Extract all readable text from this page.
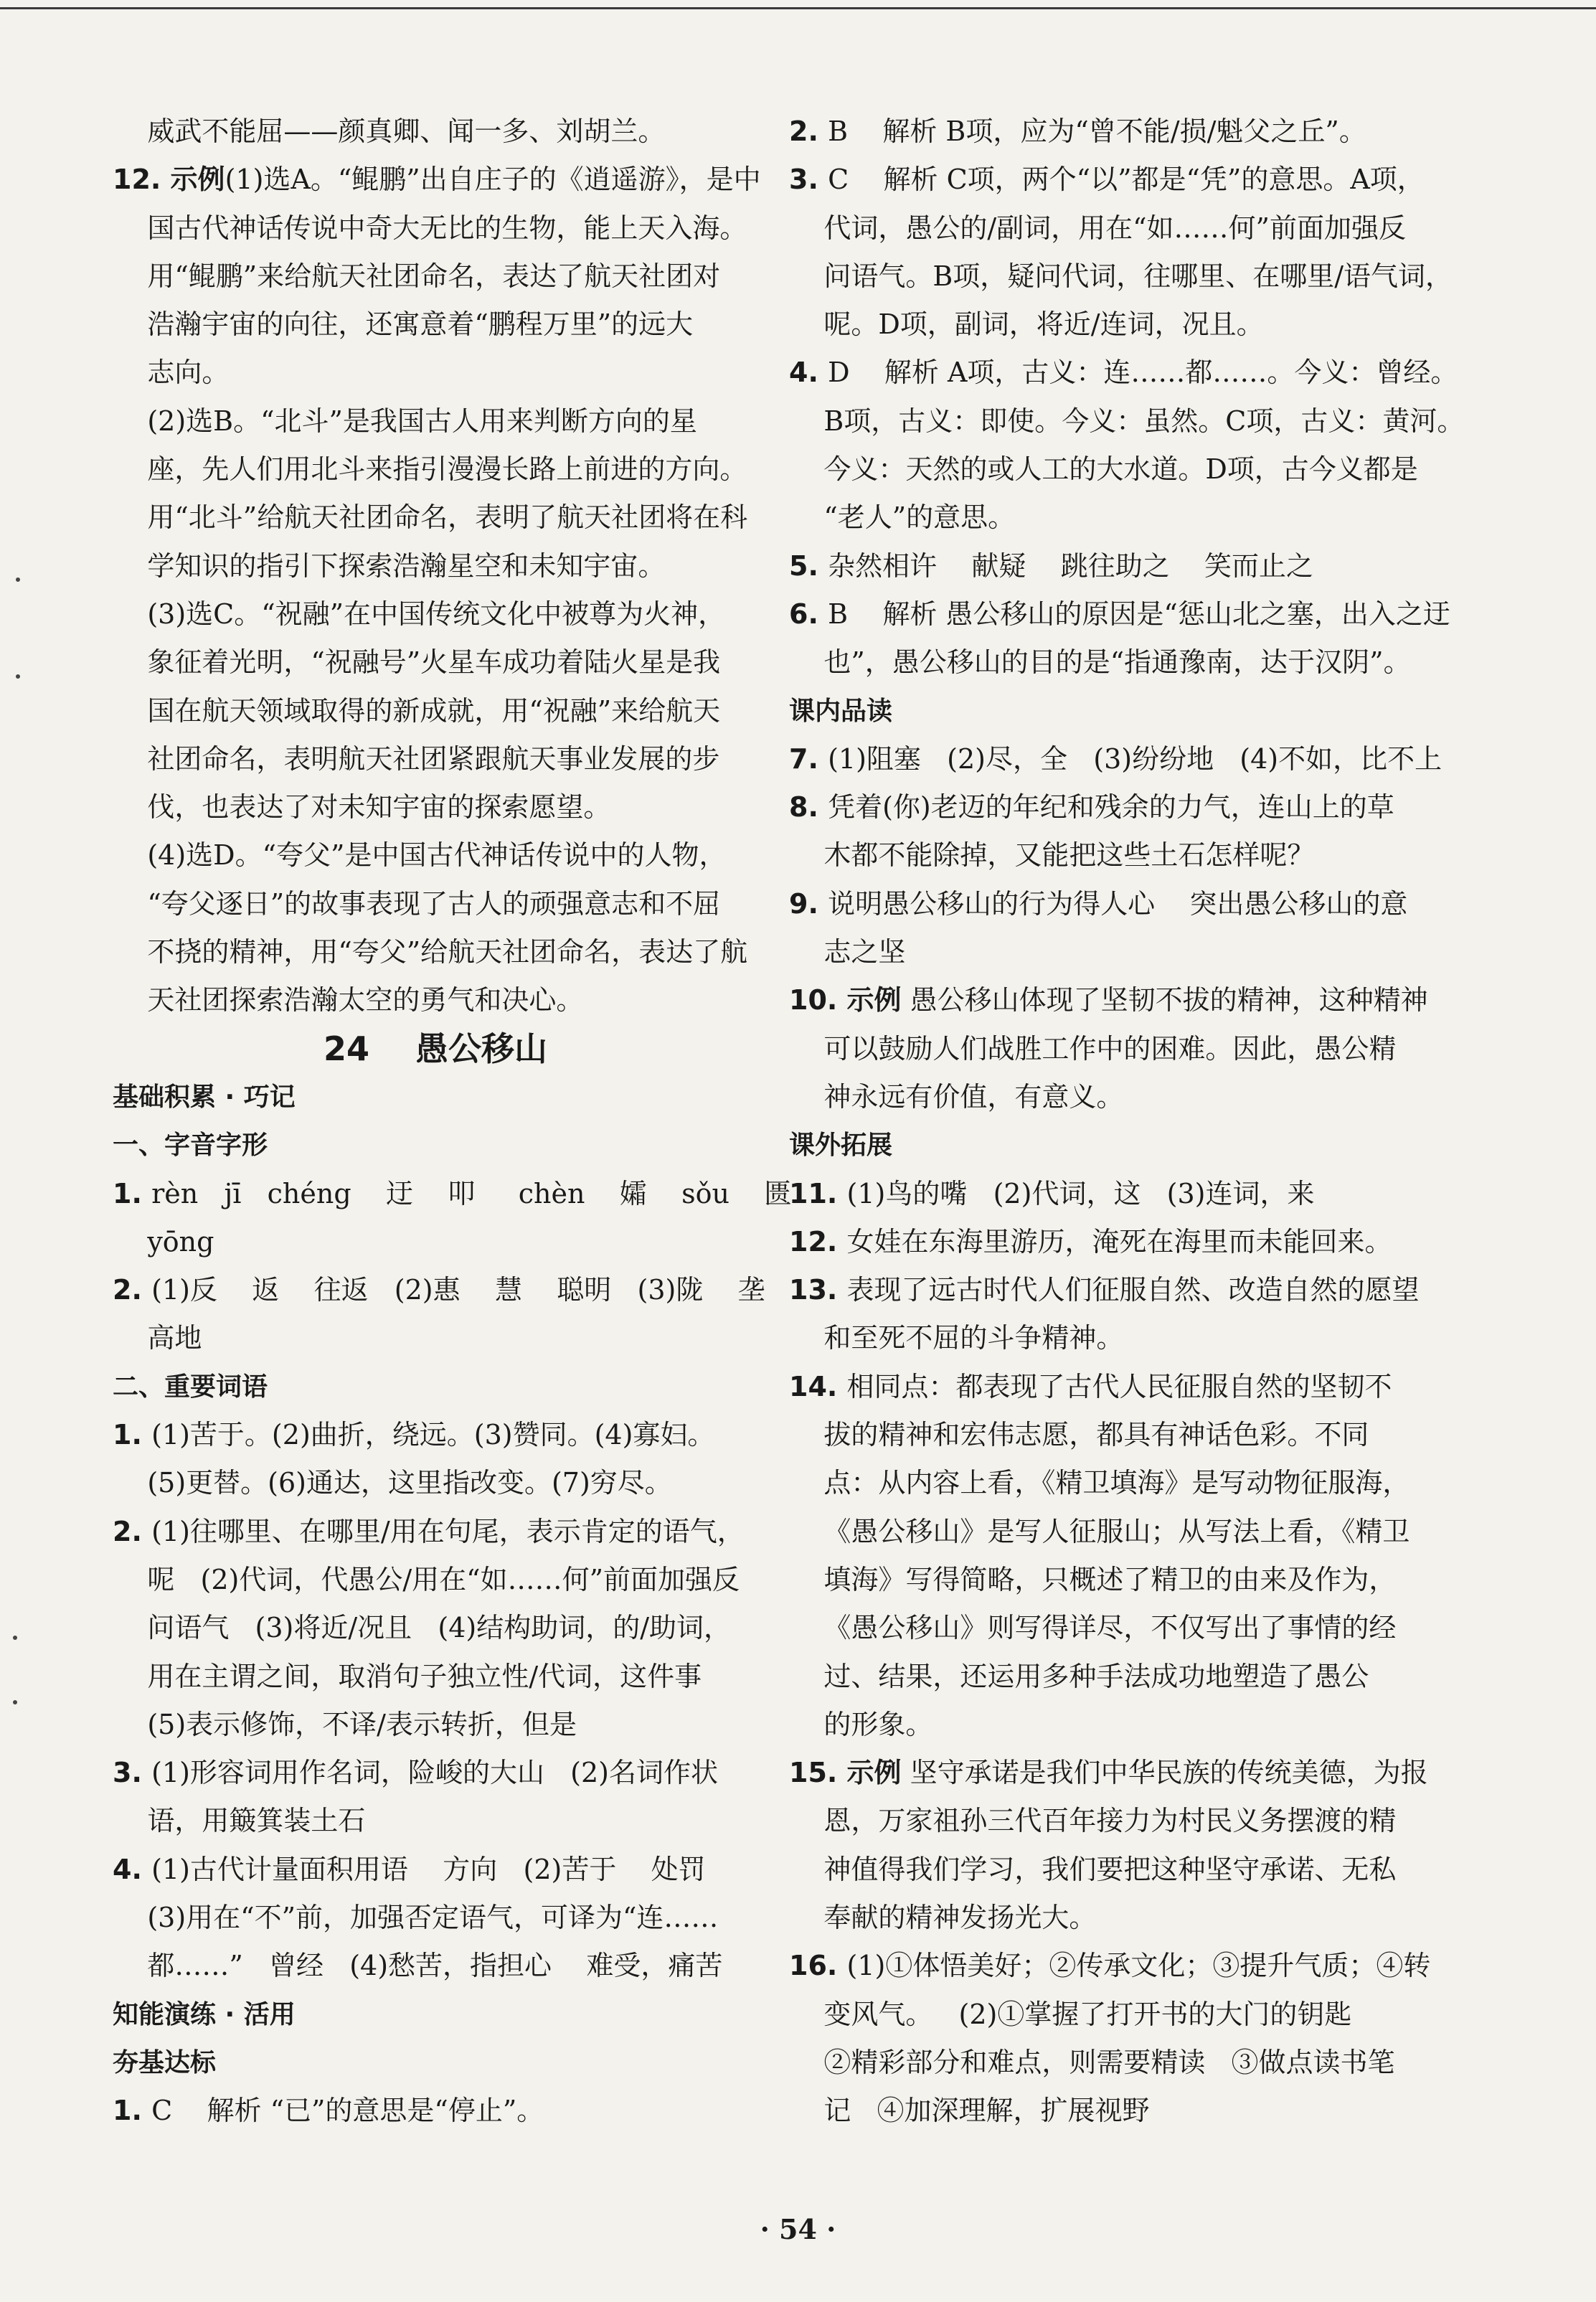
威武不能屈——颜真卿、闻一多、刘胡兰。
12. 示例(1)选A。“鲲鹏”出自庄子的《逍遥游》，是中
国古代神话传说中奇大无比的生物，能上天入海。
用“鲲鹏”来给航天社团命名，表达了航天社团对
浩瀚宇宙的向往，还寓意着“鹏程万里”的远大
志向。
(2)选B。“北斗”是我国古人用来判断方向的星
座，先人们用北斗来指引漫漫长路上前进的方向。
用“北斗”给航天社团命名，表明了航天社团将在科
学知识的指引下探索浩瀚星空和未知宇宙。
(3)选C。“祝融”在中国传统文化中被尊为火神，
象征着光明，“祝融号”火星车成功着陆火星是我
国在航天领域取得的新成就，用“祝融”来给航天
社团命名，表明航天社团紧跟航天事业发展的步
伐，也表达了对未知宇宙的探索愿望。
(4)选D。“夸父”是中国古代神话传说中的人物，
“夸父逐日”的故事表现了古人的顽强意志和不屈
不挠的精神，用“夸父”给航天社团命名，表达了航
天社团探索浩瀚太空的勇气和决心。
24    愚公移山
基础积累 · 巧记
一、字音字形
1. rèn   jī   chéng    迂    叩     chèn    孀    sǒu    匮
yōng
2. (1)反    返    往返   (2)惠    慧    聪明   (3)陇    垄
高地
二、重要词语
1. (1)苦于。(2)曲折，绕远。(3)赞同。(4)寡妇。
(5)更替。(6)通达，这里指改变。(7)穷尽。
2. (1)往哪里、在哪里/用在句尾，表示肯定的语气，
呢   (2)代词，代愚公/用在“如……何”前面加强反
问语气   (3)将近/况且   (4)结构助词，的/助词，
用在主谓之间，取消句子独立性/代词，这件事
(5)表示修饰，不译/表示转折，但是
3. (1)形容词用作名词，险峻的大山   (2)名词作状
语，用簸箕装土石
4. (1)古代计量面积用语    方向   (2)苦于    处罚
(3)用在“不”前，加强否定语气，可译为“连……
都……”   曾经   (4)愁苦，指担心    难受，痛苦
知能演练 · 活用
夯基达标
1. C    解析 “已”的意思是“停止”。
2. B    解析 B项，应为“曾不能/损/魁父之丘”。
3. C    解析 C项，两个“以”都是“凭”的意思。A项，
代词，愚公的/副词，用在“如……何”前面加强反
问语气。B项，疑问代词，往哪里、在哪里/语气词，
呢。D项，副词，将近/连词，况且。
4. D    解析 A项，古义：连……都……。今义：曾经。
B项，古义：即使。今义：虽然。C项，古义：黄河。
今义：天然的或人工的大水道。D项，古今义都是
“老人”的意思。
5. 杂然相许    献疑    跳往助之    笑而止之
6. B    解析 愚公移山的原因是“惩山北之塞，出入之迂
也”，愚公移山的目的是“指通豫南，达于汉阴”。
课内品读
7. (1)阻塞   (2)尽，全   (3)纷纷地   (4)不如，比不上
8. 凭着(你)老迈的年纪和残余的力气，连山上的草
木都不能除掉，又能把这些土石怎样呢？
9. 说明愚公移山的行为得人心    突出愚公移山的意
志之坚
10. 示例 愚公移山体现了坚韧不拔的精神，这种精神
可以鼓励人们战胜工作中的困难。因此，愚公精
神永远有价值，有意义。
课外拓展
11. (1)鸟的嘴   (2)代词，这   (3)连词，来
12. 女娃在东海里游历，淹死在海里而未能回来。
13. 表现了远古时代人们征服自然、改造自然的愿望
和至死不屈的斗争精神。
14. 相同点：都表现了古代人民征服自然的坚韧不
拔的精神和宏伟志愿，都具有神话色彩。不同
点：从内容上看，《精卫填海》是写动物征服海，
《愚公移山》是写人征服山；从写法上看，《精卫
填海》写得简略，只概述了精卫的由来及作为，
《愚公移山》则写得详尽，不仅写出了事情的经
过、结果，还运用多种手法成功地塑造了愚公
的形象。
15. 示例 坚守承诺是我们中华民族的传统美德，为报
恩，万家祖孙三代百年接力为村民义务摆渡的精
神值得我们学习，我们要把这种坚守承诺、无私
奉献的精神发扬光大。
16. (1)①体悟美好；②传承文化；③提升气质；④转
变风气。   (2)①掌握了打开书的大门的钥匙
②精彩部分和难点，则需要精读   ③做点读书笔
记   ④加深理解，扩展视野
· 54 ·
